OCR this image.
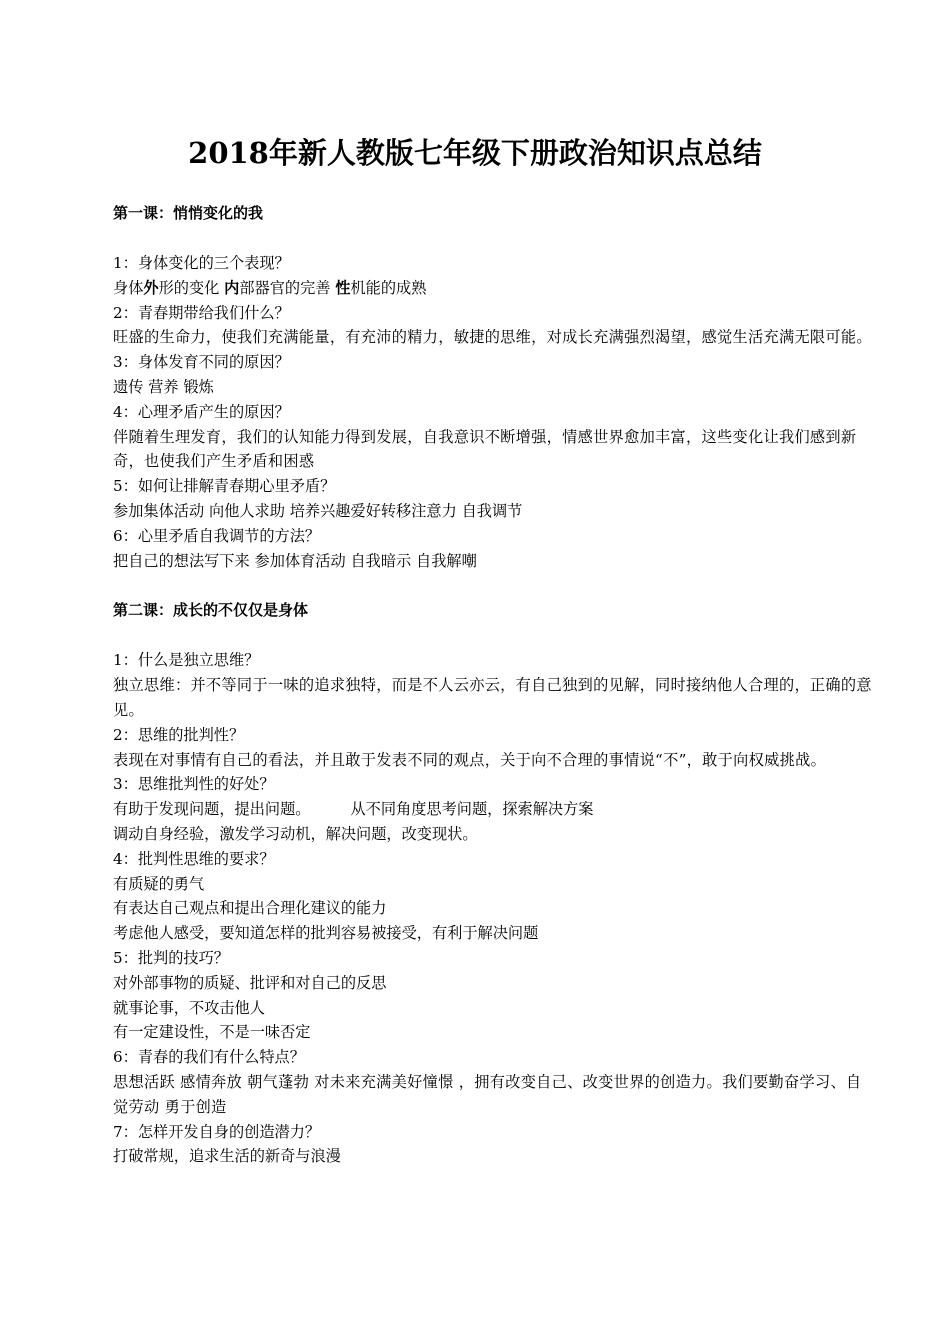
2018年新人教版七年级下册政治知识点总结

第一课：悄悄变化的我

1：身体变化的三个表现？

身体外形的变化 内部器官的完善 性机能的成熟

2：青春期带给我们什么？

旺盛的生命力，使我们充满能量，有充沛的精力，敏捷的思维，对成长充满强烈渴望，感觉生活充满无限可能。

3：身体发育不同的原因？

遗传 营养 锻炼

4：心理矛盾产生的原因？

伴随着生理发育，我们的认知能力得到发展，自我意识不断增强，情感世界愈加丰富，这些变化让我们感到新奇，也使我们产生矛盾和困惑

5：如何让排解青春期心里矛盾？

参加集体活动 向他人求助 培养兴趣爱好转移注意力 自我调节

6：心里矛盾自我调节的方法？

把自己的想法写下来 参加体育活动 自我暗示 自我解嘲

第二课：成长的不仅仅是身体

1：什么是独立思维？

独立思维：并不等同于一味的追求独特，而是不人云亦云，有自己独到的见解，同时接纳他人合理的，正确的意见。

2：思维的批判性？

表现在对事情有自己的看法，并且敢于发表不同的观点，关于向不合理的事情说“不”，敢于向权威挑战。

3：思维批判性的好处？

有助于发现问题，提出问题。	从不同角度思考问题，探索解决方案

调动自身经验，激发学习动机，解决问题，改变现状。

4：批判性思维的要求？

有质疑的勇气

有表达自己观点和提出合理化建议的能力

考虑他人感受，要知道怎样的批判容易被接受，有利于解决问题

5：批判的技巧？

对外部事物的质疑、批评和对自己的反思

就事论事，不攻击他人

有一定建设性，不是一味否定

6：青春的我们有什么特点？

思想活跃 感情奔放 朝气蓬勃 对未来充满美好憧憬 ，拥有改变自己、改变世界的创造力。我们要勤奋学习、自觉劳动 勇于创造

7：怎样开发自身的创造潜力？

打破常规，追求生活的新奇与浪漫
